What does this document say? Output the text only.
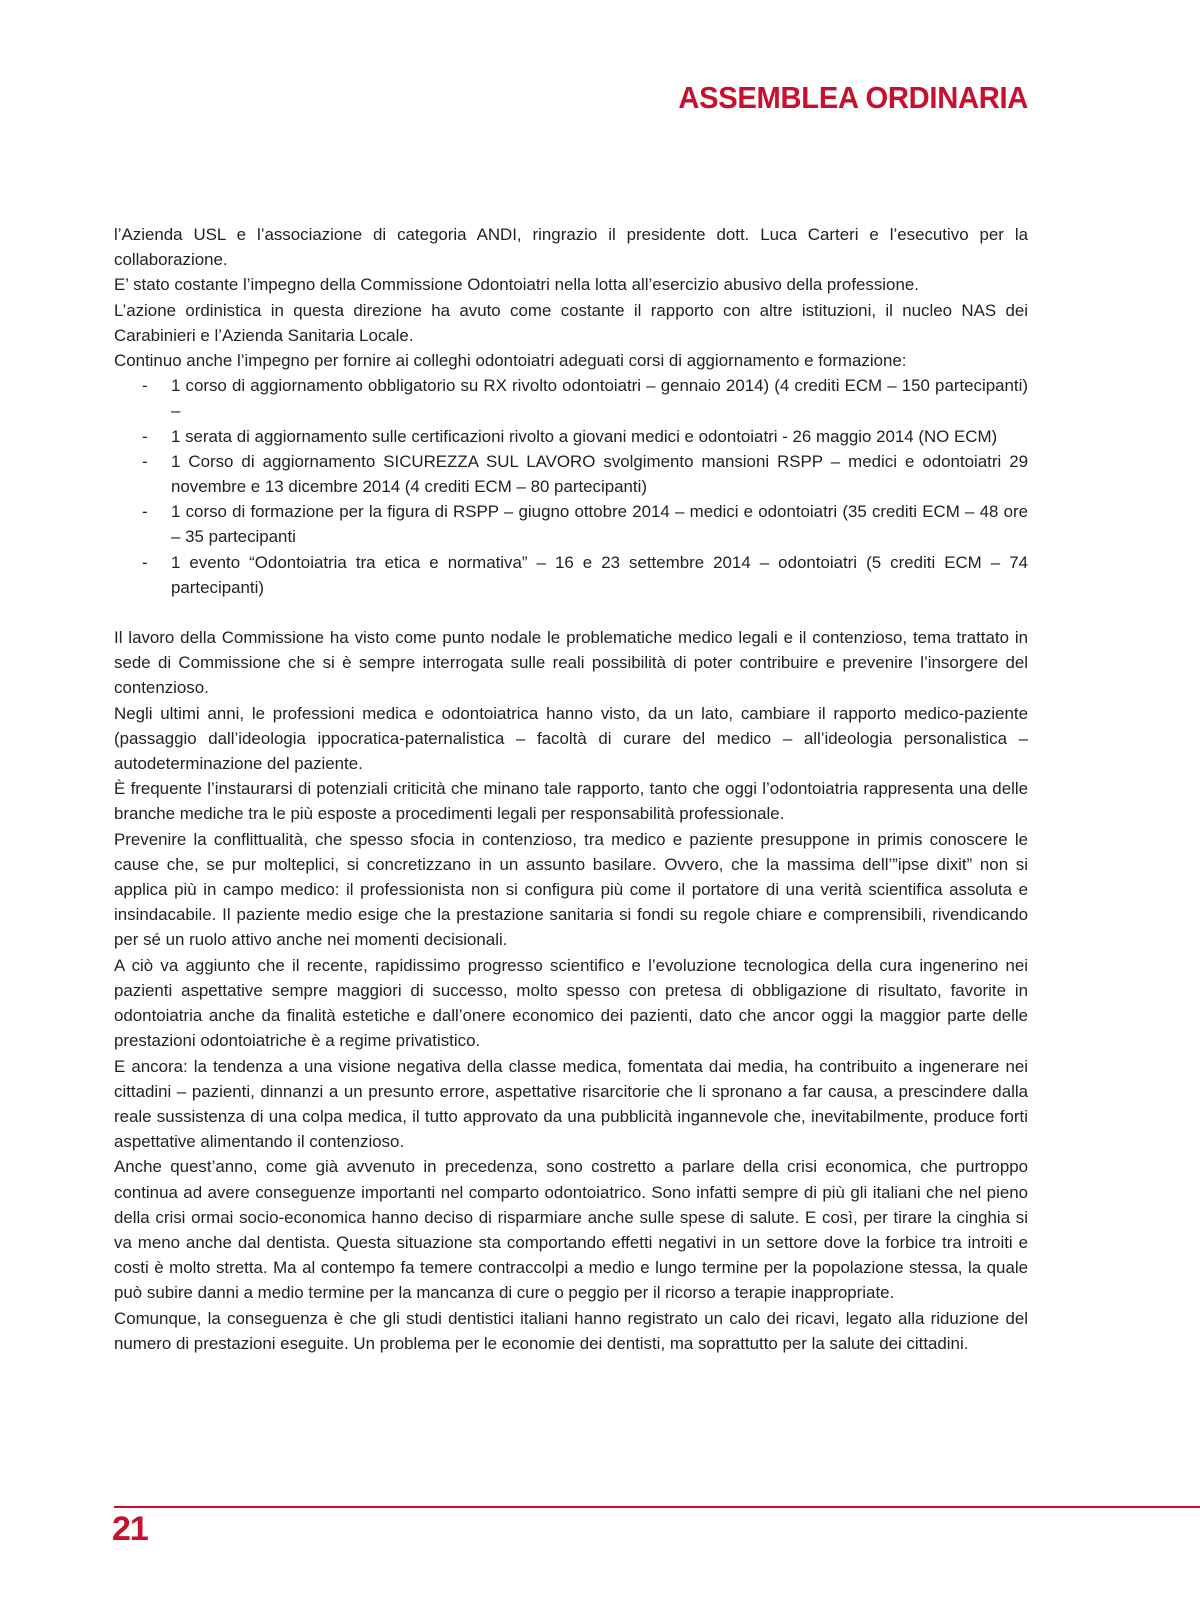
ASSEMBLEA ORDINARIA

l’Azienda USL e l’associazione di categoria ANDI, ringrazio il presidente dott. Luca Carteri e l’esecutivo per la collaborazione.

E’ stato costante l’impegno della Commissione Odontoiatri nella lotta all’esercizio abusivo della professione.

L’azione ordinistica in questa direzione ha avuto come costante il rapporto con altre istituzioni, il nucleo NAS dei Carabinieri e l’Azienda Sanitaria Locale.

Continuo anche l’impegno per fornire ai colleghi odontoiatri adeguati corsi di aggiornamento e formazione:

- 1 corso di aggiornamento obbligatorio su RX rivolto odontoiatri – gennaio 2014) (4 crediti ECM – 150 partecipanti) –
- 1 serata di aggiornamento sulle certificazioni rivolto a giovani medici e odontoiatri - 26 maggio 2014 (NO ECM)
- 1 Corso di aggiornamento SICUREZZA SUL LAVORO svolgimento mansioni RSPP – medici e odontoiatri 29 novembre e 13 dicembre 2014 (4 crediti ECM – 80 partecipanti)
- 1 corso di formazione per la figura di RSPP – giugno ottobre 2014 – medici e odontoiatri (35 crediti ECM – 48 ore – 35 partecipanti
- 1 evento “Odontoiatria tra etica e normativa” – 16 e 23 settembre 2014 – odontoiatri (5 crediti ECM – 74 partecipanti)

Il lavoro della Commissione ha visto come punto nodale le problematiche medico legali e il contenzioso, tema trattato in sede di Commissione che si è sempre interrogata sulle reali possibilità di poter contribuire e prevenire l’insorgere del contenzioso.

Negli ultimi anni, le professioni medica e odontoiatrica hanno visto, da un lato, cambiare il rapporto medico-paziente (passaggio dall’ideologia ippocratica-paternalistica – facoltà di curare del medico – all’ideologia personalistica – autodeterminazione del paziente.

È frequente l’instaurarsi di potenziali criticità che minano tale rapporto, tanto che oggi l’odontoiatria rappresenta una delle branche mediche tra le più esposte a procedimenti legali per responsabilità professionale.

Prevenire la conflittualità, che spesso sfocia in contenzioso, tra medico e paziente presuppone in primis conoscere le cause che, se pur molteplici, si concretizzano in un assunto basilare. Ovvero, che la massima dell’”ipse dixit” non si applica più in campo medico: il professionista non si configura più come il portatore di una verità scientifica assoluta e insindacabile. Il paziente medio esige che la prestazione sanitaria si fondi su regole chiare e comprensibili, rivendicando per sé un ruolo attivo anche nei momenti decisionali.

A ciò va aggiunto che il recente, rapidissimo progresso scientifico e l’evoluzione tecnologica della cura ingenerino nei pazienti aspettative sempre maggiori di successo, molto spesso con pretesa di obbligazione di risultato, favorite in odontoiatria anche da finalità estetiche e dall’onere economico dei pazienti, dato che ancor oggi la maggior parte delle prestazioni odontoiatriche è a regime privatistico.

E ancora: la tendenza a una visione negativa della classe medica, fomentata dai media, ha contribuito a ingenerare nei cittadini – pazienti, dinnanzi a un presunto errore, aspettative risarcitorie che li spronano a far causa, a prescindere dalla reale sussistenza di una colpa medica, il tutto approvato da una pubblicità ingannevole che, inevitabilmente, produce forti aspettative alimentando il contenzioso.

Anche quest’anno, come già avvenuto in precedenza, sono costretto a parlare della crisi economica, che purtroppo continua ad avere conseguenze importanti nel comparto odontoiatrico. Sono infatti sempre di più gli italiani che nel pieno della crisi ormai socio-economica hanno deciso di risparmiare anche sulle spese di salute. E così, per tirare la cinghia si va meno anche dal dentista. Questa situazione sta comportando effetti negativi in un settore dove la forbice tra introiti e costi è molto stretta. Ma al contempo fa temere contraccolpi a medio e lungo termine per la popolazione stessa, la quale può subire danni a medio termine per la mancanza di cure o peggio per il ricorso a terapie inappropriate.

Comunque, la conseguenza è che gli studi dentistici italiani hanno registrato un calo dei ricavi, legato alla riduzione del numero di prestazioni eseguite. Un problema per le economie dei dentisti, ma soprattutto per la salute dei cittadini.

21
